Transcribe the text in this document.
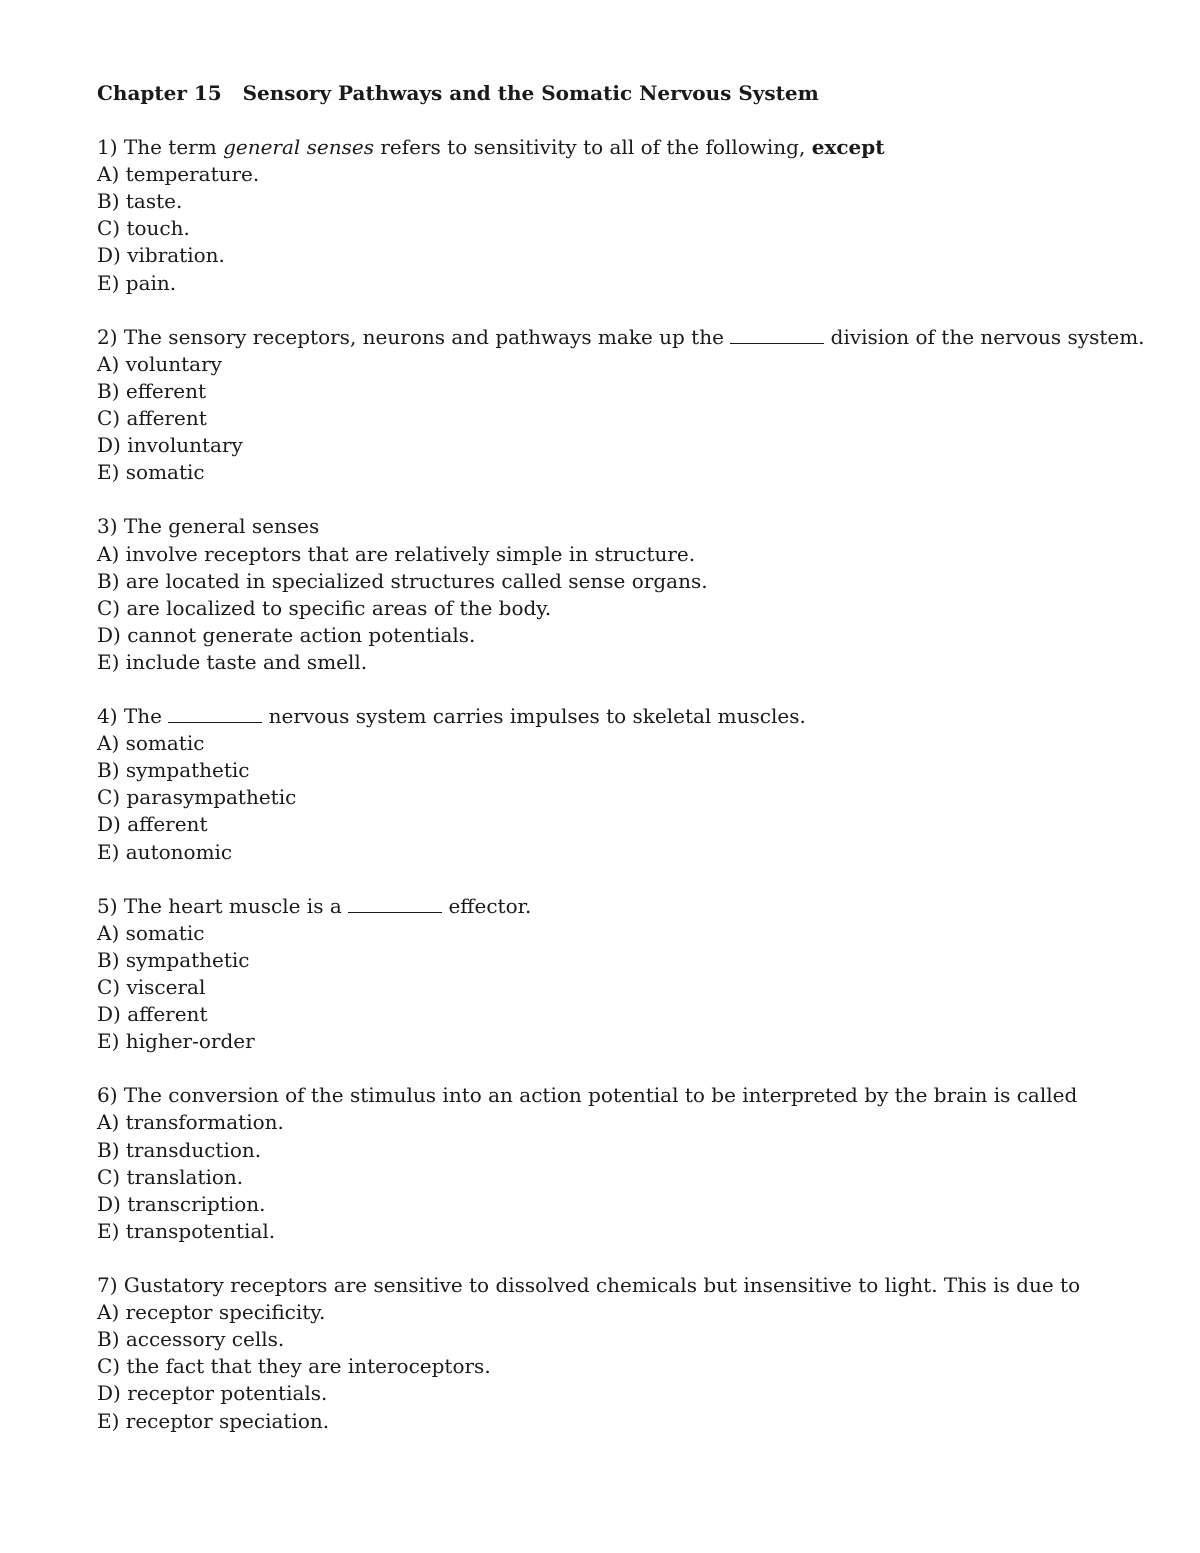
Chapter 15 Sensory Pathways and the Somatic Nervous System
1) The term general senses refers to sensitivity to all of the following, except
A) temperature.
B) taste.
C) touch.
D) vibration.
E) pain.
2) The sensory receptors, neurons and pathways make up the	division of the nervous system.
A) voluntary
B) efferent
C) afferent
D) involuntary
E) somatic
3) The general senses
A) involve receptors that are relatively simple in structure.
B) are located in specialized structures called sense organs.
C) are localized to specific areas of the body.
D) cannot generate action potentials.
E) include taste and smell.
4) The	nervous system carries impulses to skeletal muscles.
A) somatic
B) sympathetic
C) parasympathetic
D) afferent
E) autonomic
5) The heart muscle is a	effector.
A) somatic
B) sympathetic
C) visceral
D) afferent
E) higher-order
6) The conversion of the stimulus into an action potential to be interpreted by the brain is called
A) transformation.
B) transduction.
C) translation.
D) transcription.
E) transpotential.
7) Gustatory receptors are sensitive to dissolved chemicals but insensitive to light. This is due to
A) receptor specificity.
B) accessory cells.
C) the fact that they are interoceptors.
D) receptor potentials.
E) receptor speciation.
